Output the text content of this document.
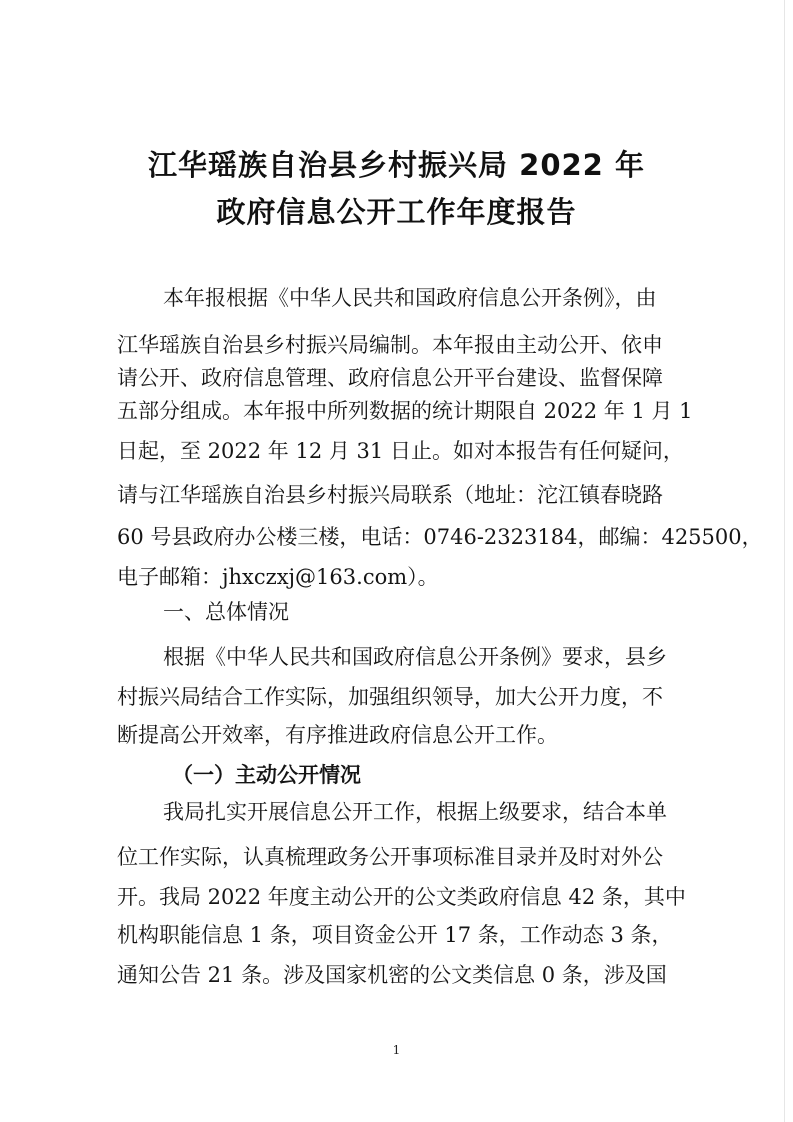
江华瑶族自治县乡村振兴局 2022 年
政府信息公开工作年度报告
本年报根据《中华人民共和国政府信息公开条例》，由
江华瑶族自治县乡村振兴局编制。本年报由主动公开、依申
请公开、政府信息管理、政府信息公开平台建设、监督保障
五部分组成。本年报中所列数据的统计期限自 2022 年 1 月 1
日起，至 2022 年 12 月 31 日止。如对本报告有任何疑问，
请与江华瑶族自治县乡村振兴局联系（地址：沱江镇春晓路
60 号县政府办公楼三楼，电话：0746-2323184，邮编：425500，
电子邮箱：jhxczxj@163.com）。
一、总体情况
根据《中华人民共和国政府信息公开条例》要求，县乡
村振兴局结合工作实际，加强组织领导，加大公开力度，不
断提高公开效率，有序推进政府信息公开工作。
（一）主动公开情况
我局扎实开展信息公开工作，根据上级要求，结合本单
位工作实际，认真梳理政务公开事项标准目录并及时对外公
开。我局 2022 年度主动公开的公文类政府信息 42 条，其中
机构职能信息 1 条，项目资金公开 17 条，工作动态 3 条，
通知公告 21 条。涉及国家机密的公文类信息 0 条，涉及国
1
